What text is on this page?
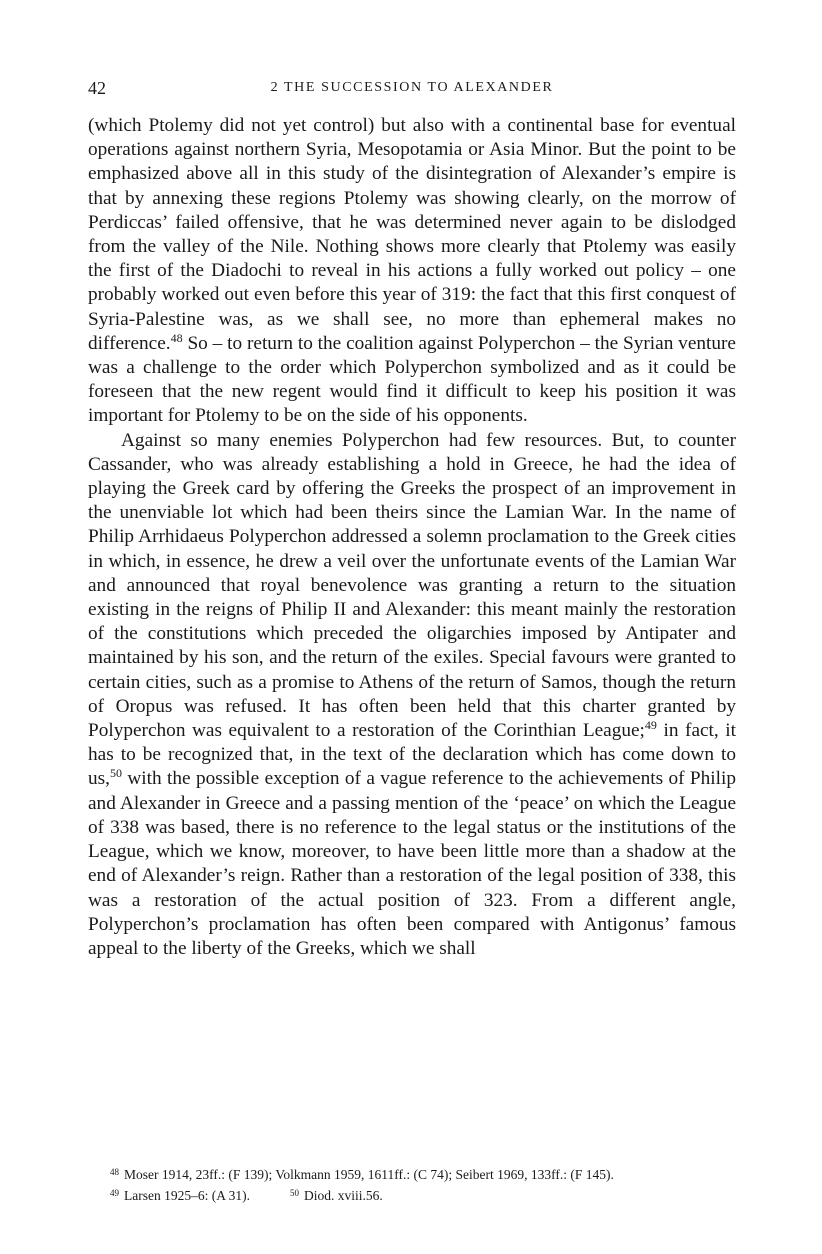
42	2 THE SUCCESSION TO ALEXANDER

(which Ptolemy did not yet control) but also with a continental base for eventual operations against northern Syria, Mesopotamia or Asia Minor. But the point to be emphasized above all in this study of the disintegration of Alexander’s empire is that by annexing these regions Ptolemy was showing clearly, on the morrow of Perdiccas’ failed offensive, that he was determined never again to be dislodged from the valley of the Nile. Nothing shows more clearly that Ptolemy was easily the first of the Diadochi to reveal in his actions a fully worked out policy – one probably worked out even before this year of 319: the fact that this first conquest of Syria-Palestine was, as we shall see, no more than ephemeral makes no difference.$^{48}$ So – to return to the coalition against Polyperchon – the Syrian venture was a challenge to the order which Polyperchon symbolized and as it could be foreseen that the new regent would find it difficult to keep his position it was important for Ptolemy to be on the side of his opponents.

Against so many enemies Polyperchon had few resources. But, to counter Cassander, who was already establishing a hold in Greece, he had the idea of playing the Greek card by offering the Greeks the prospect of an improvement in the unenviable lot which had been theirs since the Lamian War. In the name of Philip Arrhidaeus Polyperchon addressed a solemn proclamation to the Greek cities in which, in essence, he drew a veil over the unfortunate events of the Lamian War and announced that royal benevolence was granting a return to the situation existing in the reigns of Philip II and Alexander: this meant mainly the restoration of the constitutions which preceded the oligarchies imposed by Antipater and maintained by his son, and the return of the exiles. Special favours were granted to certain cities, such as a promise to Athens of the return of Samos, though the return of Oropus was refused. It has often been held that this charter granted by Polyperchon was equivalent to a restoration of the Corinthian League;$^{49}$ in fact, it has to be recognized that, in the text of the declaration which has come down to us,$^{50}$ with the possible exception of a vague reference to the achievements of Philip and Alexander in Greece and a passing mention of the ‘peace’ on which the League of 338 was based, there is no reference to the legal status or the institutions of the League, which we know, moreover, to have been little more than a shadow at the end of Alexander’s reign. Rather than a restoration of the legal position of 338, this was a restoration of the actual position of 323. From a different angle, Polyperchon’s proclamation has often been compared with Antigonus’ famous appeal to the liberty of the Greeks, which we shall

$^{48}$ Moser 1914, 23ff.: (F 139); Volkmann 1959, 1611ff.: (C 74); Seibert 1969, 133ff.: (F 145).

$^{49}$ Larsen 1925–6: (A 31).	$^{50}$ Diod. xviii.56.
